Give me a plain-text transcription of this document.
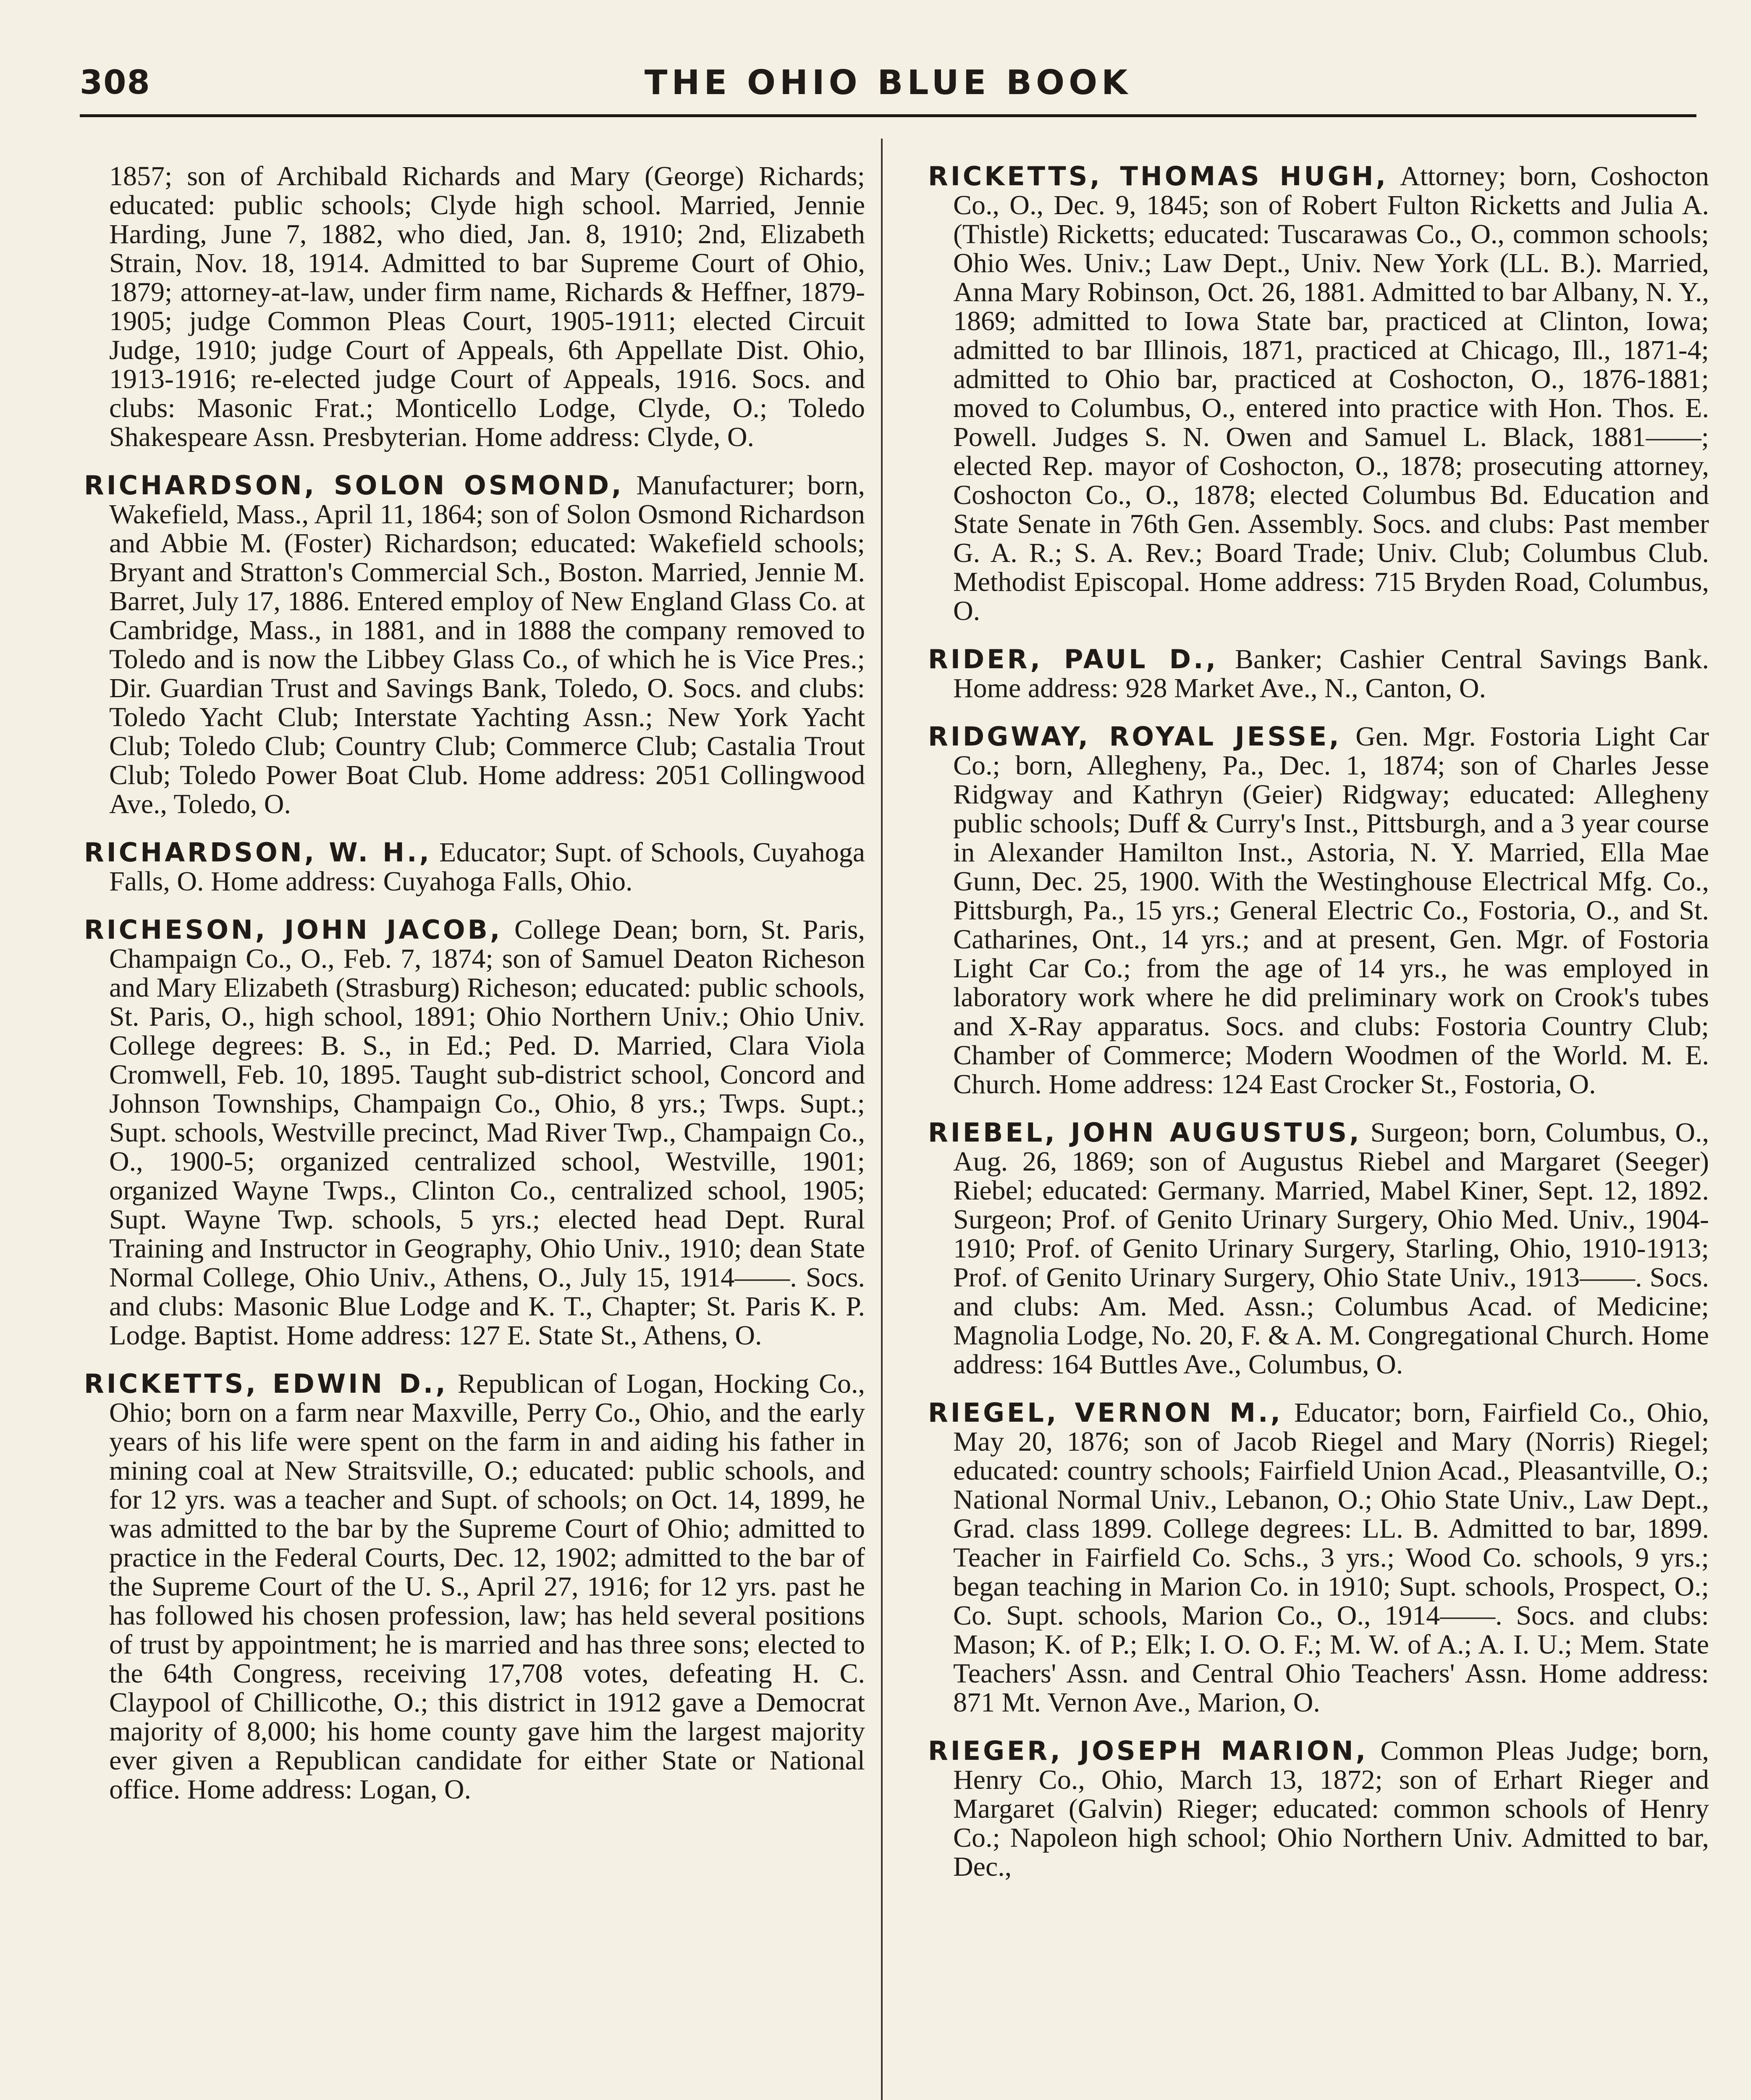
308	THE OHIO BLUE BOOK

1857; son of Archibald Richards and Mary (George) Richards; educated: public schools; Clyde high school. Married, Jennie Harding, June 7, 1882, who died, Jan. 8, 1910; 2nd, Elizabeth Strain, Nov. 18, 1914. Admitted to bar Supreme Court of Ohio, 1879; attorney-at-law, under firm name, Richards & Heffner, 1879-1905; judge Common Pleas Court, 1905-1911; elected Circuit Judge, 1910; judge Court of Appeals, 6th Appellate Dist. Ohio, 1913-1916; re-elected judge Court of Appeals, 1916. Socs. and clubs: Masonic Frat.; Monticello Lodge, Clyde, O.; Toledo Shakespeare Assn. Presbyterian. Home address: Clyde, O.

RICHARDSON, SOLON OSMOND, Manufacturer; born, Wakefield, Mass., April 11, 1864; son of Solon Osmond Richardson and Abbie M. (Foster) Richardson; educated: Wakefield schools; Bryant and Stratton's Commercial Sch., Boston. Married, Jennie M. Barret, July 17, 1886. Entered employ of New England Glass Co. at Cambridge, Mass., in 1881, and in 1888 the company removed to Toledo and is now the Libbey Glass Co., of which he is Vice Pres.; Dir. Guardian Trust and Savings Bank, Toledo, O. Socs. and clubs: Toledo Yacht Club; Interstate Yachting Assn.; New York Yacht Club; Toledo Club; Country Club; Commerce Club; Castalia Trout Club; Toledo Power Boat Club. Home address: 2051 Collingwood Ave., Toledo, O.

RICHARDSON, W. H., Educator; Supt. of Schools, Cuyahoga Falls, O. Home address: Cuyahoga Falls, Ohio.

RICHESON, JOHN JACOB, College Dean; born, St. Paris, Champaign Co., O., Feb. 7, 1874; son of Samuel Deaton Richeson and Mary Elizabeth (Strasburg) Richeson; educated: public schools, St. Paris, O., high school, 1891; Ohio Northern Univ.; Ohio Univ. College degrees: B. S., in Ed.; Ped. D. Married, Clara Viola Cromwell, Feb. 10, 1895. Taught sub-district school, Concord and Johnson Townships, Champaign Co., Ohio, 8 yrs.; Twps. Supt.; Supt. schools, Westville precinct, Mad River Twp., Champaign Co., O., 1900-5; organized centralized school, Westville, 1901; organized Wayne Twps., Clinton Co., centralized school, 1905; Supt. Wayne Twp. schools, 5 yrs.; elected head Dept. Rural Training and Instructor in Geography, Ohio Univ., 1910; dean State Normal College, Ohio Univ., Athens, O., July 15, 1914——. Socs. and clubs: Masonic Blue Lodge and K. T., Chapter; St. Paris K. P. Lodge. Baptist. Home address: 127 E. State St., Athens, O.

RICKETTS, EDWIN D., Republican of Logan, Hocking Co., Ohio; born on a farm near Maxville, Perry Co., Ohio, and the early years of his life were spent on the farm in and aiding his father in mining coal at New Straitsville, O.; educated: public schools, and for 12 yrs. was a teacher and Supt. of schools; on Oct. 14, 1899, he was admitted to the bar by the Supreme Court of Ohio; admitted to practice in the Federal Courts, Dec. 12, 1902; admitted to the bar of the Supreme Court of the U. S., April 27, 1916; for 12 yrs. past he has followed his chosen profession, law; has held several positions of trust by appointment; he is married and has three sons; elected to the 64th Congress, receiving 17,708 votes, defeating H. C. Claypool of Chillicothe, O.; this district in 1912 gave a Democrat majority of 8,000; his home county gave him the largest majority ever given a Republican candidate for either State or National office. Home address: Logan, O.

RICKETTS, THOMAS HUGH, Attorney; born, Coshocton Co., O., Dec. 9, 1845; son of Robert Fulton Ricketts and Julia A. (Thistle) Ricketts; educated: Tuscarawas Co., O., common schools; Ohio Wes. Univ.; Law Dept., Univ. New York (LL. B.). Married, Anna Mary Robinson, Oct. 26, 1881. Admitted to bar Albany, N. Y., 1869; admitted to Iowa State bar, practiced at Clinton, Iowa; admitted to bar Illinois, 1871, practiced at Chicago, Ill., 1871-4; admitted to Ohio bar, practiced at Coshocton, O., 1876-1881; moved to Columbus, O., entered into practice with Hon. Thos. E. Powell. Judges S. N. Owen and Samuel L. Black, 1881——; elected Rep. mayor of Coshocton, O., 1878; prosecuting attorney, Coshocton Co., O., 1878; elected Columbus Bd. Education and State Senate in 76th Gen. Assembly. Socs. and clubs: Past member G. A. R.; S. A. Rev.; Board Trade; Univ. Club; Columbus Club. Methodist Episcopal. Home address: 715 Bryden Road, Columbus, O.

RIDER, PAUL D., Banker; Cashier Central Savings Bank. Home address: 928 Market Ave., N., Canton, O.

RIDGWAY, ROYAL JESSE, Gen. Mgr. Fostoria Light Car Co.; born, Allegheny, Pa., Dec. 1, 1874; son of Charles Jesse Ridgway and Kathryn (Geier) Ridgway; educated: Allegheny public schools; Duff & Curry's Inst., Pittsburgh, and a 3 year course in Alexander Hamilton Inst., Astoria, N. Y. Married, Ella Mae Gunn, Dec. 25, 1900. With the Westinghouse Electrical Mfg. Co., Pittsburgh, Pa., 15 yrs.; General Electric Co., Fostoria, O., and St. Catharines, Ont., 14 yrs.; and at present, Gen. Mgr. of Fostoria Light Car Co.; from the age of 14 yrs., he was employed in laboratory work where he did preliminary work on Crook's tubes and X-Ray apparatus. Socs. and clubs: Fostoria Country Club; Chamber of Commerce; Modern Woodmen of the World. M. E. Church. Home address: 124 East Crocker St., Fostoria, O.

RIEBEL, JOHN AUGUSTUS, Surgeon; born, Columbus, O., Aug. 26, 1869; son of Augustus Riebel and Margaret (Seeger) Riebel; educated: Germany. Married, Mabel Kiner, Sept. 12, 1892. Surgeon; Prof. of Genito Urinary Surgery, Ohio Med. Univ., 1904-1910; Prof. of Genito Urinary Surgery, Starling, Ohio, 1910-1913; Prof. of Genito Urinary Surgery, Ohio State Univ., 1913——. Socs. and clubs: Am. Med. Assn.; Columbus Acad. of Medicine; Magnolia Lodge, No. 20, F. & A. M. Congregational Church. Home address: 164 Buttles Ave., Columbus, O.

RIEGEL, VERNON M., Educator; born, Fairfield Co., Ohio, May 20, 1876; son of Jacob Riegel and Mary (Norris) Riegel; educated: country schools; Fairfield Union Acad., Pleasantville, O.; National Normal Univ., Lebanon, O.; Ohio State Univ., Law Dept., Grad. class 1899. College degrees: LL. B. Admitted to bar, 1899. Teacher in Fairfield Co. Schs., 3 yrs.; Wood Co. schools, 9 yrs.; began teaching in Marion Co. in 1910; Supt. schools, Prospect, O.; Co. Supt. schools, Marion Co., O., 1914——. Socs. and clubs: Mason; K. of P.; Elk; I. O. O. F.; M. W. of A.; A. I. U.; Mem. State Teachers' Assn. and Central Ohio Teachers' Assn. Home address: 871 Mt. Vernon Ave., Marion, O.

RIEGER, JOSEPH MARION, Common Pleas Judge; born, Henry Co., Ohio, March 13, 1872; son of Erhart Rieger and Margaret (Galvin) Rieger; educated: common schools of Henry Co.; Napoleon high school; Ohio Northern Univ. Admitted to bar, Dec.,
